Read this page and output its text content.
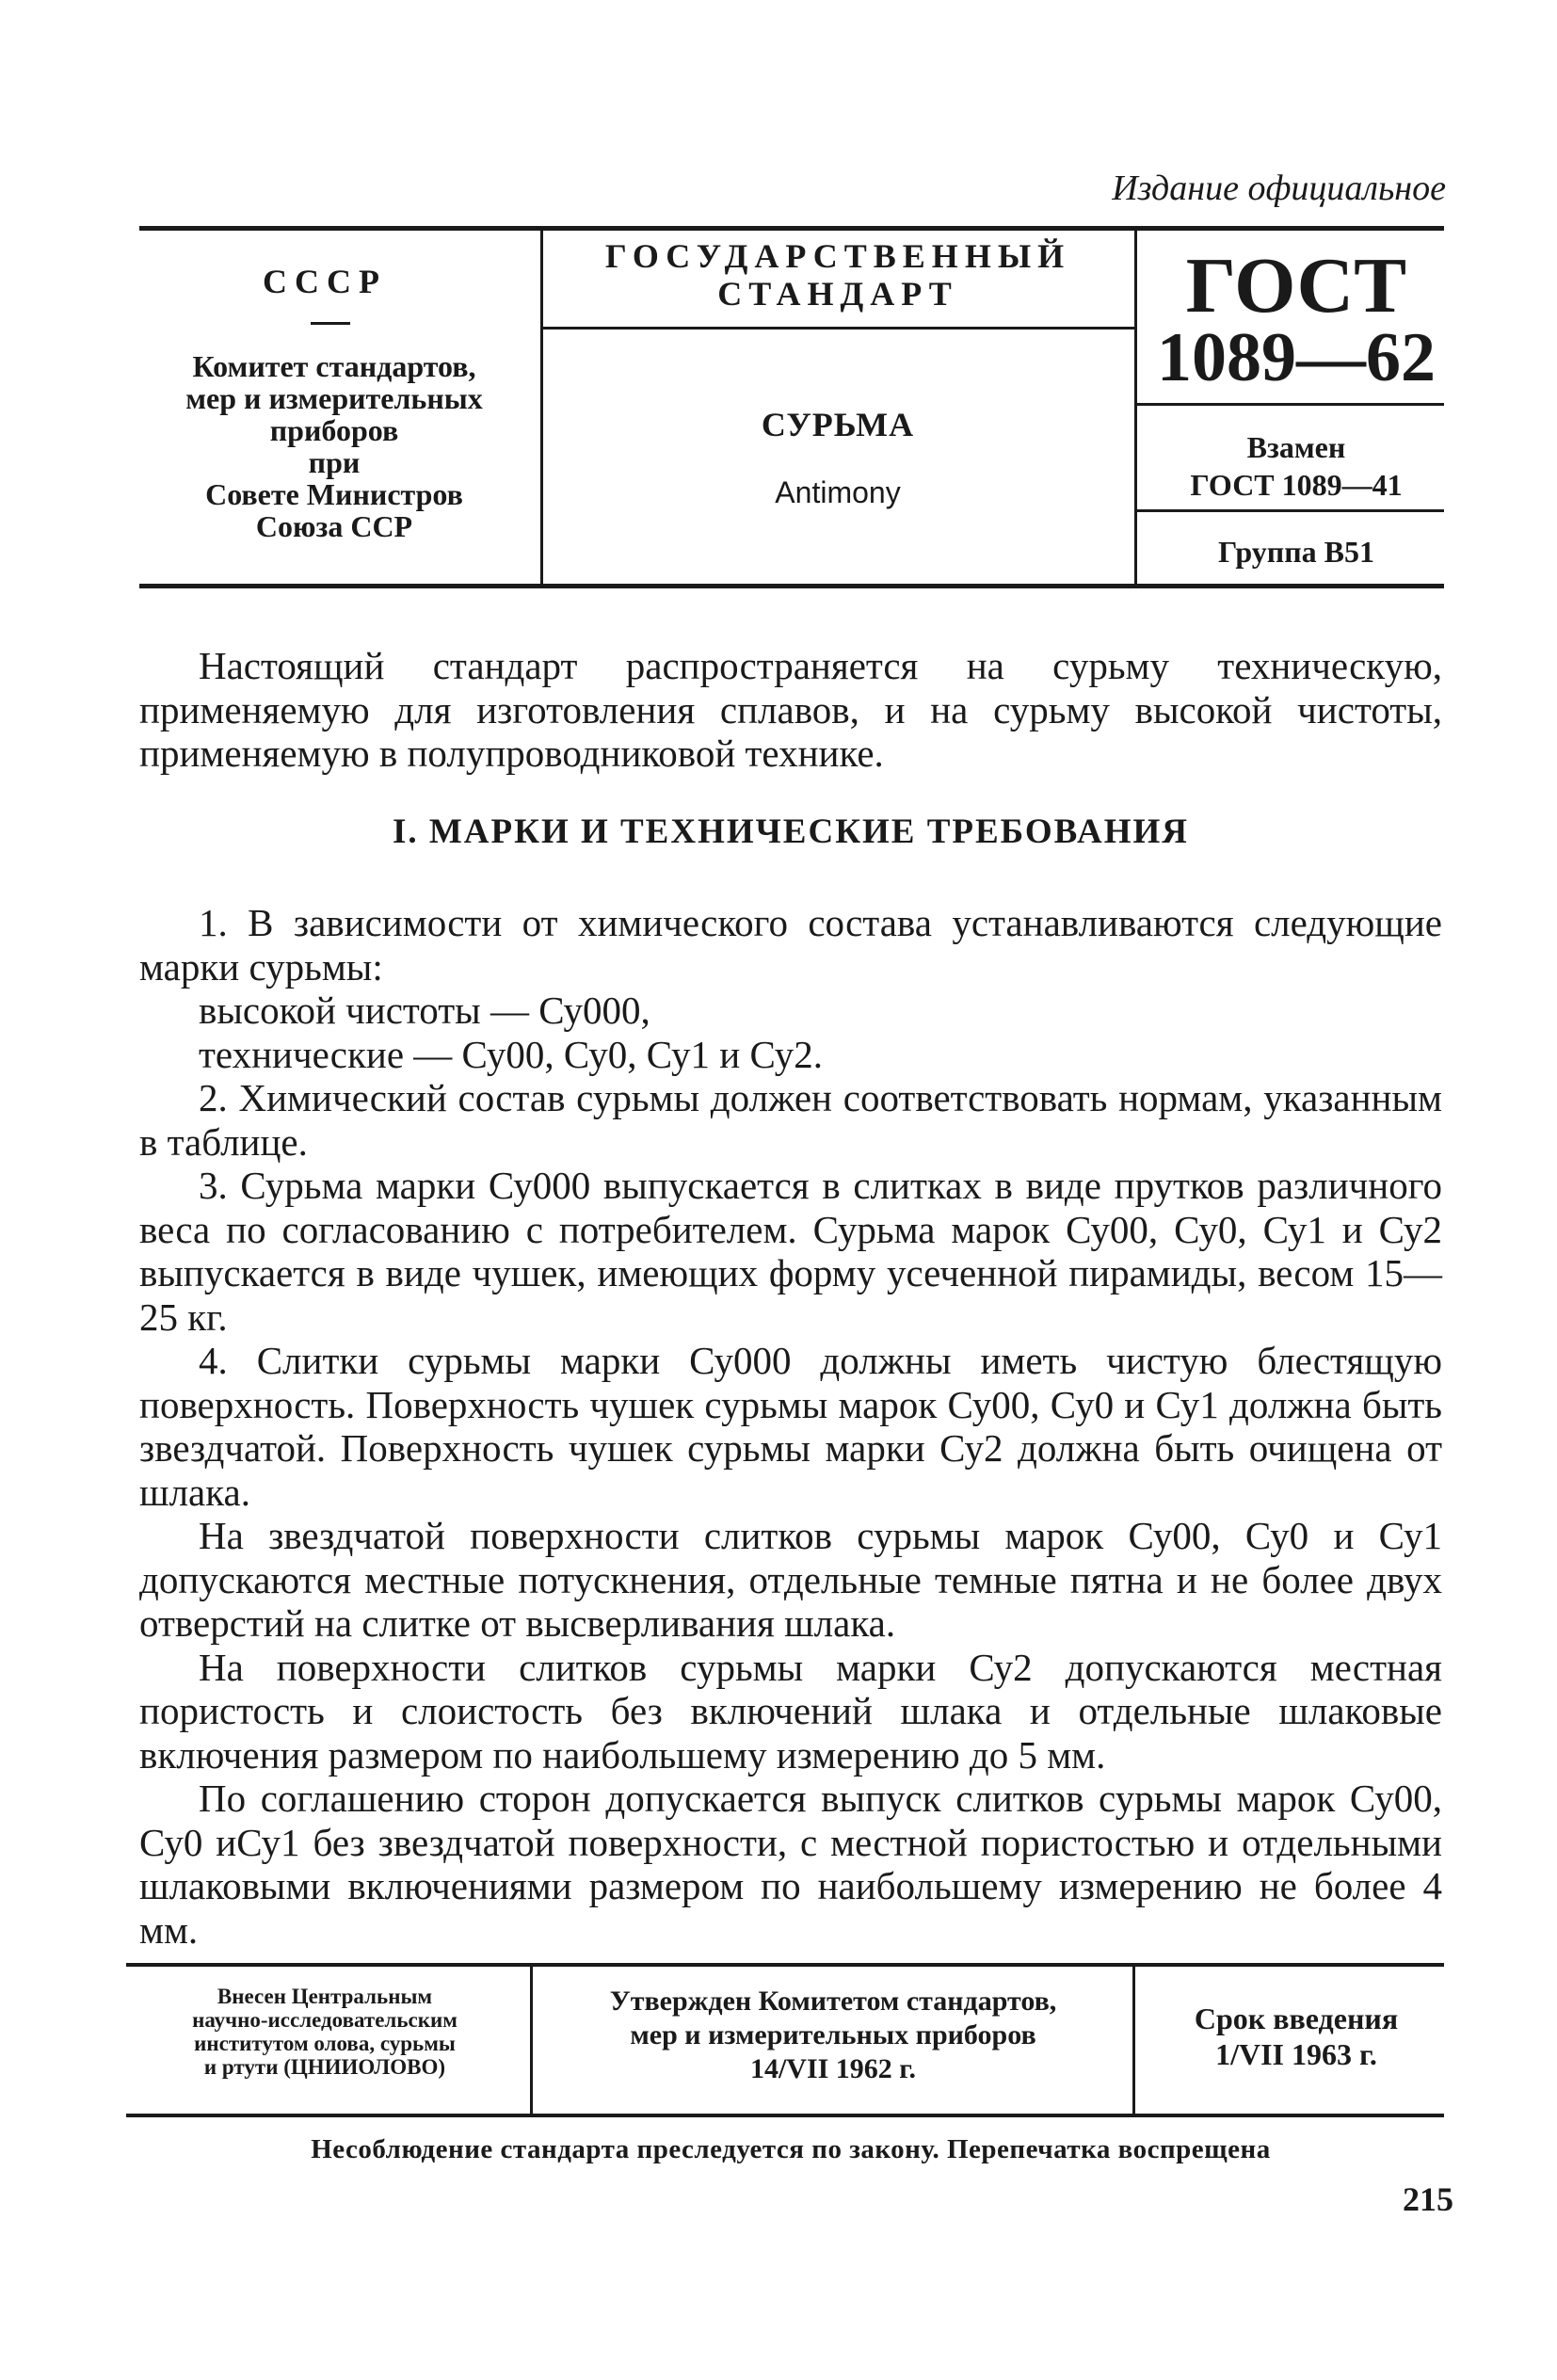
Издание официальное
СССР
Комитет стандартов,
мер и измерительных
приборов
при
Совете Министров
Союза ССР
ГОСУДАРСТВЕННЫЙ
СТАНДАРТ
СУРЬМА
Antimony
ГОСТ
1089—62
Взамен
ГОСТ 1089—41
Группа В51

Настоящий стандарт распространяется на сурьму техническую, применяемую для изготовления сплавов, и на сурьму высокой чистоты, применяемую в полупроводниковой технике.

I. МАРКИ И ТЕХНИЧЕСКИЕ ТРЕБОВАНИЯ

1. В зависимости от химического состава устанавливаются следующие марки сурьмы:

высокой чистоты — Су000,

технические — Су00, Су0, Су1 и Су2.

2. Химический состав сурьмы должен соответствовать нормам, указанным в таблице.

3. Сурьма марки Су000 выпускается в слитках в виде прутков различного веса по согласованию с потребителем. Сурьма марок Су00, Су0, Су1 и Су2 выпускается в виде чушек, имеющих форму усеченной пирамиды, весом 15—25 кг.

4. Слитки сурьмы марки Су000 должны иметь чистую блестящую поверхность. Поверхность чушек сурьмы марок Су00, Су0 и Су1 должна быть звездчатой. Поверхность чушек сурьмы марки Су2 должна быть очищена от шлака.

На звездчатой поверхности слитков сурьмы марок Су00, Су0 и Су1 допускаются местные потускнения, отдельные темные пятна и не более двух отверстий на слитке от высверливания шлака.

На поверхности слитков сурьмы марки Су2 допускаются местная пористость и слоистость без включений шлака и отдельные шлаковые включения размером по наибольшему измерению до 5 мм.

По соглашению сторон допускается выпуск слитков сурьмы марок Су00, Су0 иСу1 без звездчатой поверхности, с местной пористостью и отдельными шлаковыми включениями размером по наибольшему измерению не более 4 мм.

Внесен Центральным
научно-исследовательским
институтом олова, сурьмы
и ртути (ЦНИИОЛОВО)
Утвержден Комитетом стандартов,
мер и измерительных приборов
14/VII 1962 г.
Срок введения
1/VII 1963 г.
Несоблюдение стандарта преследуется по закону. Перепечатка воспрещена
215
